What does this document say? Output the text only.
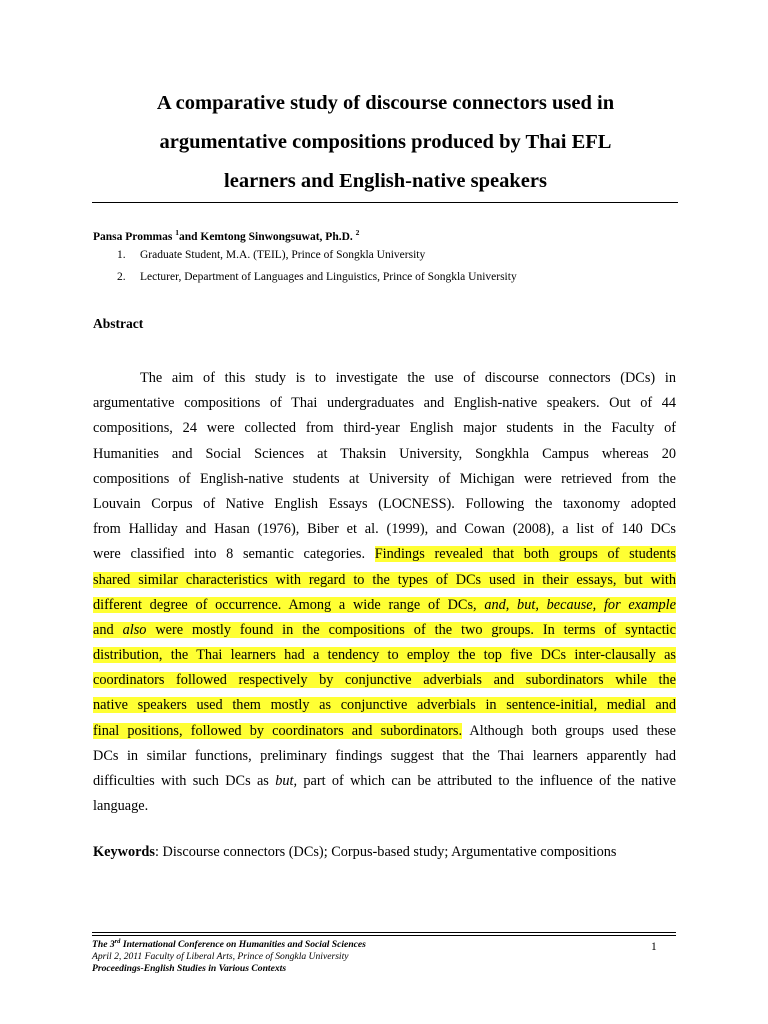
A comparative study of discourse connectors used in
argumentative compositions produced by Thai EFL
learners and English-native speakers
Pansa Prommas $^1$and Kemtong Sinwongsuwat, Ph.D. $^2$
1. Graduate Student, M.A. (TEIL), Prince of Songkla University
2. Lecturer, Department of Languages and Linguistics, Prince of Songkla University
Abstract
The aim of this study is to investigate the use of discourse connectors (DCs) in
argumentative compositions of Thai undergraduates and English-native speakers. Out of 44
compositions, 24 were collected from third-year English major students in the Faculty of
Humanities and Social Sciences at Thaksin University, Songkhla Campus whereas 20
compositions of English-native students at University of Michigan were retrieved from the
Louvain Corpus of Native English Essays (LOCNESS). Following the taxonomy adopted
from Halliday and Hasan (1976), Biber et al. (1999), and Cowan (2008), a list of 140 DCs
were classified into 8 semantic categories. Findings revealed that both groups of students
shared similar characteristics with regard to the types of DCs used in their essays, but with
different degree of occurrence. Among a wide range of DCs, and, but, because, for example
and also were mostly found in the compositions of the two groups. In terms of syntactic
distribution, the Thai learners had a tendency to employ the top five DCs inter-clausally as
coordinators followed respectively by conjunctive adverbials and subordinators while the
native speakers used them mostly as conjunctive adverbials in sentence-initial, medial and
final positions, followed by coordinators and subordinators. Although both groups used these
DCs in similar functions, preliminary findings suggest that the Thai learners apparently had
difficulties with such DCs as but, part of which can be attributed to the influence of the native
language.
Keywords: Discourse connectors (DCs); Corpus-based study; Argumentative compositions
The 3rd International Conference on Humanities and Social Sciences
April 2, 2011 Faculty of Liberal Arts, Prince of Songkla University
Proceedings-English Studies in Various Contexts
1
